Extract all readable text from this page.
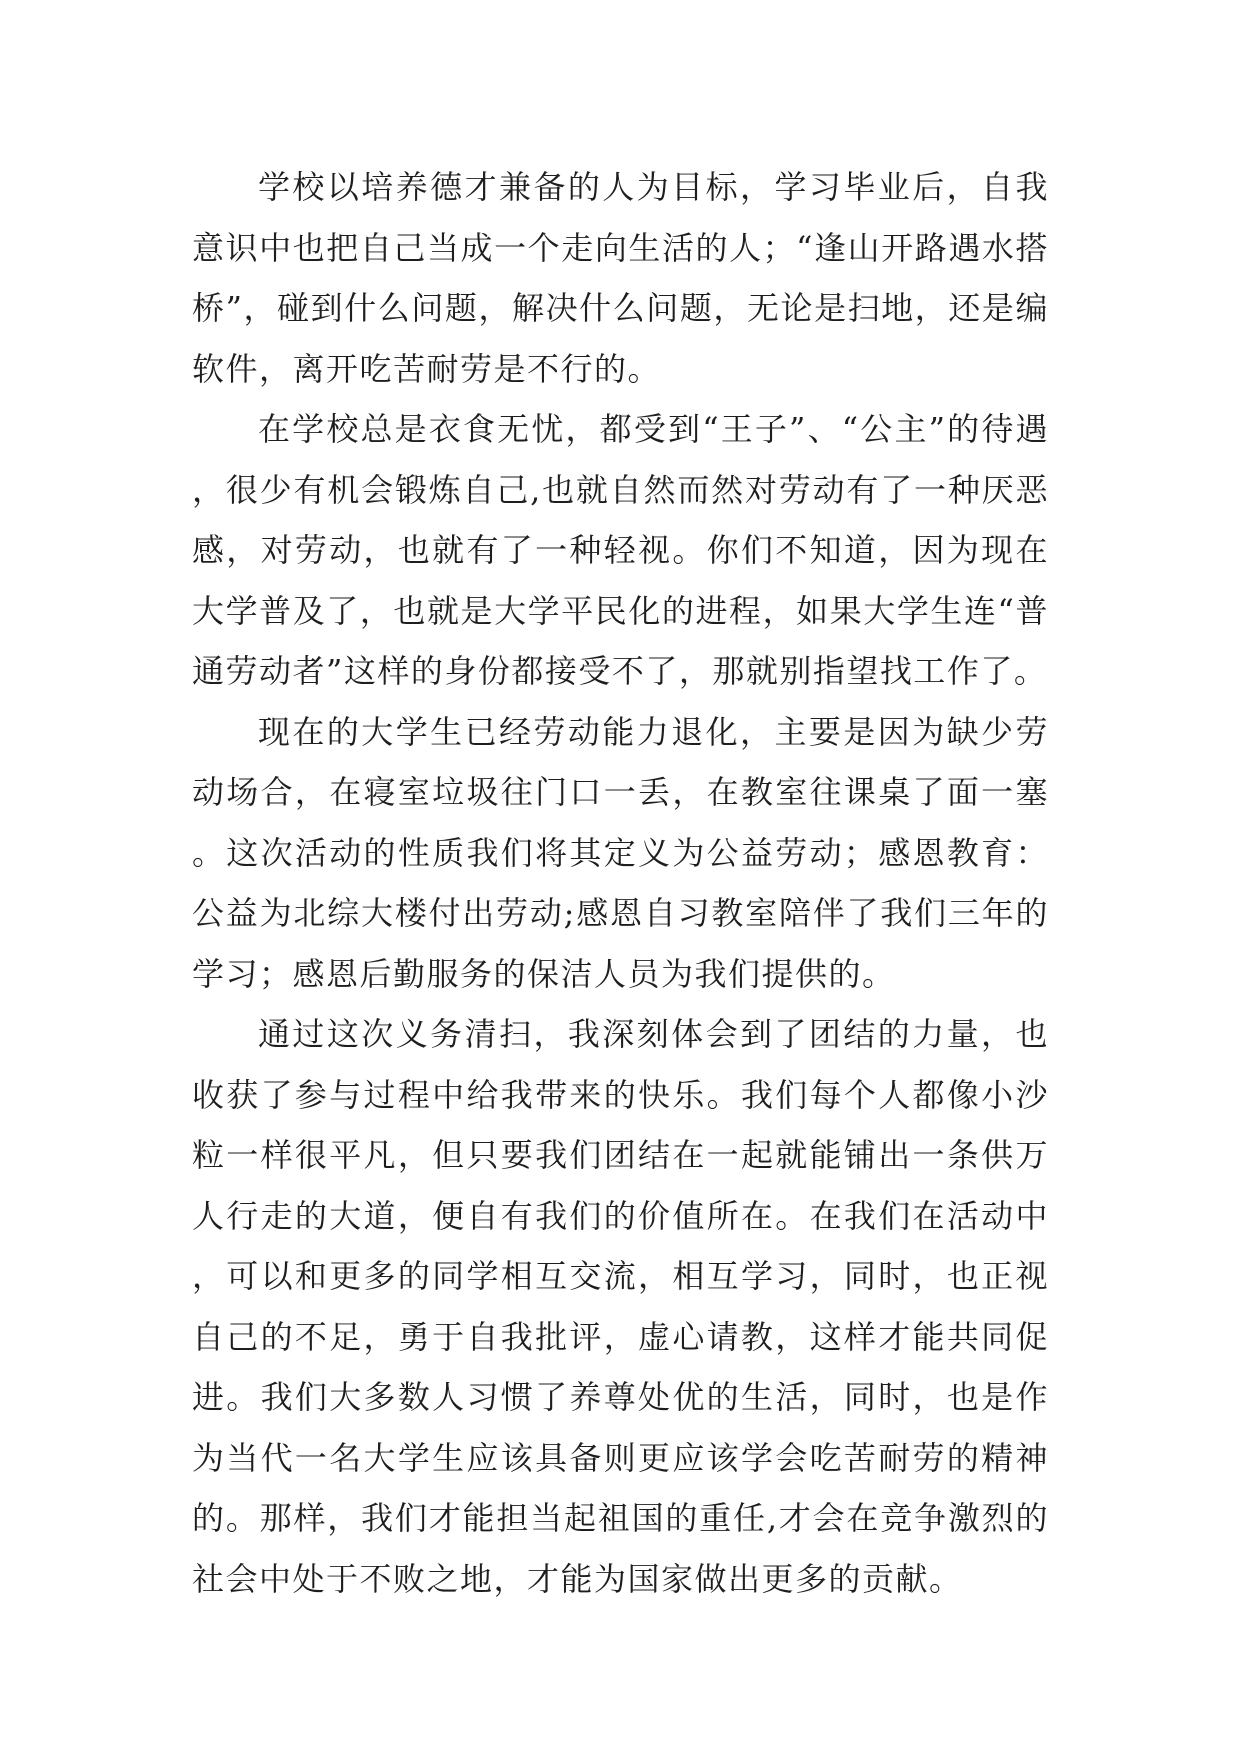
学校以培养德才兼备的人为目标，学习毕业后，自我意识中也把自己当成一个走向生活的人；“逢山开路遇水搭桥”，碰到什么问题，解决什么问题，无论是扫地，还是编软件，离开吃苦耐劳是不行的。

在学校总是衣食无忧，都受到“王子”、“公主”的待遇，很少有机会锻炼自己,也就自然而然对劳动有了一种厌恶感，对劳动，也就有了一种轻视。你们不知道，因为现在大学普及了，也就是大学平民化的进程，如果大学生连“普通劳动者”这样的身份都接受不了，那就别指望找工作了。

现在的大学生已经劳动能力退化，主要是因为缺少劳动场合，在寝室垃圾往门口一丢，在教室往课桌了面一塞。这次活动的性质我们将其定义为公益劳动；感恩教育：公益为北综大楼付出劳动;感恩自习教室陪伴了我们三年的学习；感恩后勤服务的保洁人员为我们提供的。

通过这次义务清扫，我深刻体会到了团结的力量，也收获了参与过程中给我带来的快乐。我们每个人都像小沙粒一样很平凡，但只要我们团结在一起就能铺出一条供万人行走的大道，便自有我们的价值所在。在我们在活动中，可以和更多的同学相互交流，相互学习，同时，也正视自己的不足，勇于自我批评，虚心请教，这样才能共同促进。我们大多数人习惯了养尊处优的生活，同时，也是作为当代一名大学生应该具备则更应该学会吃苦耐劳的精神的。那样，我们才能担当起祖国的重任,才会在竞争激烈的社会中处于不败之地，才能为国家做出更多的贡献。
